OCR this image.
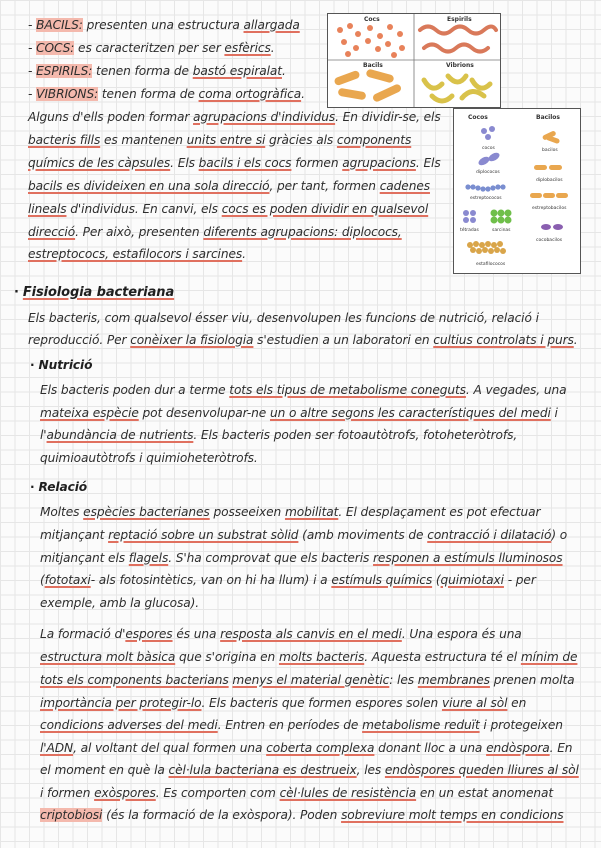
- BACILS: presenten una estructura allargada
- COCS: es caracteritzen per ser esfèrics.
- ESPIRILS: tenen forma de bastó espiralat.
- VIBRIONS: tenen forma de coma ortogràfica.
Cocs	Espirils
Bacils	Vibrions
Cocos	Bacilos
cocos	bacilos
diplococos
diplobacilos
estreptococos
estreptobacilos
tétradas	sarcinas
cocobacilos
estafilococos
Alguns d'ells poden formar agrupacions d'individus. En dividir-se, els
bacteris fills es mantenen units entre si gràcies als components
químics de les càpsules. Els bacils i els cocs formen agrupacions. Els
bacils es divideixen en una sola direcció, per tant, formen cadenes
lineals d'individus. En canvi, els cocs es poden dividir en qualsevol
direcció. Per això, presenten diferents agrupacions: diplococs,
estreptococs, estafilocors i sarcines.
· Fisiologia bacteriana
Els bacteris, com qualsevol ésser viu, desenvolupen les funcions de nutrició, relació i
reproducció. Per conèixer la fisiologia s'estudien a un laboratori en cultius controlats i purs.
· Nutrició
Els bacteris poden dur a terme tots els tipus de metabolisme coneguts. A vegades, una
mateixa espècie pot desenvolupar-ne un o altre segons les característiques del medi i
l'abundància de nutrients. Els bacteris poden ser fotoautòtrofs, fotoheteròtrofs,
quimioautòtrofs i quimioheteròtrofs.
· Relació
Moltes espècies bacterianes posseeixen mobilitat. El desplaçament es pot efectuar
mitjançant reptació sobre un substrat sòlid (amb moviments de contracció i dilatació) o
mitjançant els flagels. S'ha comprovat que els bacteris responen a estímuls lluminosos
(fototaxi- als fotosintètics, van on hi ha llum) i a estímuls químics (quimiotaxi - per
exemple, amb la glucosa).
La formació d'espores és una resposta als canvis en el medi. Una espora és una
estructura molt bàsica que s'origina en molts bacteris. Aquesta estructura té el mínim de
tots els components bacterians menys el material genètic: les membranes prenen molta
importància per protegir-lo. Els bacteris que formen espores solen viure al sòl en
condicions adverses del medi. Entren en períodes de metabolisme reduït i protegeixen
l'ADN, al voltant del qual formen una coberta complexa donant lloc a una endòspora. En
el moment en què la cèl·lula bacteriana es destrueix, les endòspores queden lliures al sòl
i formen exòspores. Es comporten com cèl·lules de resistència en un estat anomenat
criptobiosi (és la formació de la exòspora). Poden sobreviure molt temps en condicions
